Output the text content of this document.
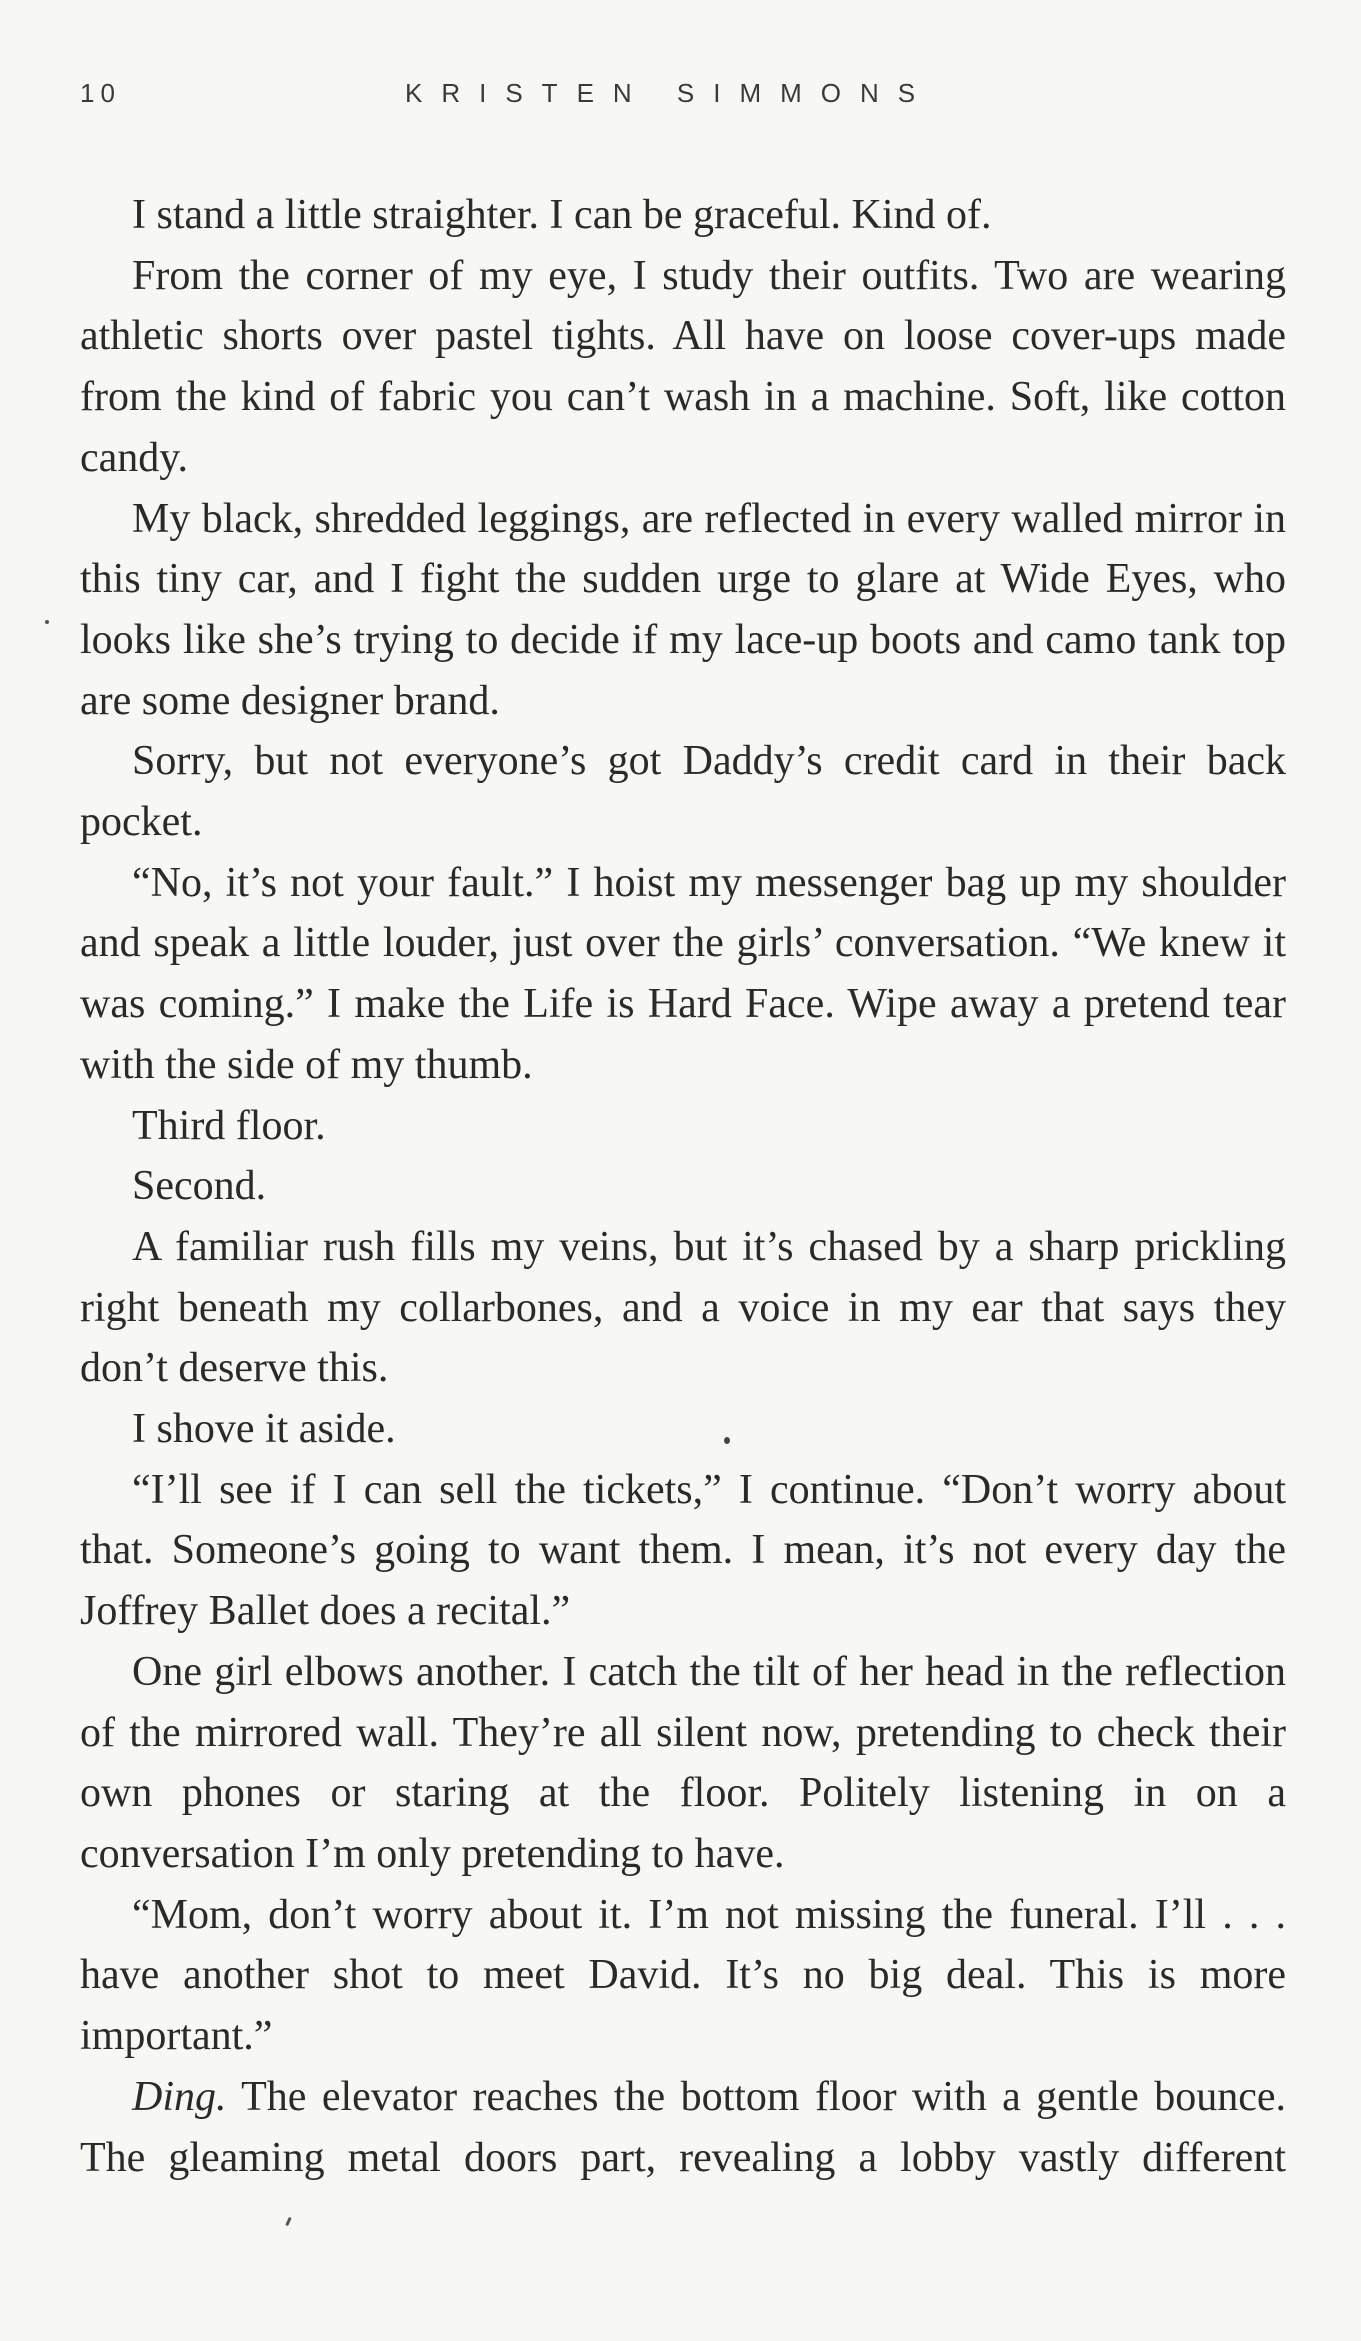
10	KRISTEN SIMMONS

I stand a little straighter. I can be graceful. Kind of.

From the corner of my eye, I study their outfits. Two are wearing athletic shorts over pastel tights. All have on loose cover-ups made from the kind of fabric you can’t wash in a machine. Soft, like cotton candy.

My black, shredded leggings, are reflected in every walled mirror in this tiny car, and I fight the sudden urge to glare at Wide Eyes, who looks like she’s trying to decide if my lace-up boots and camo tank top are some designer brand.

Sorry, but not everyone’s got Daddy’s credit card in their back pocket.

“No, it’s not your fault.” I hoist my messenger bag up my shoulder and speak a little louder, just over the girls’ conversation. “We knew it was coming.” I make the Life is Hard Face. Wipe away a pretend tear with the side of my thumb.

Third floor.

Second.

A familiar rush fills my veins, but it’s chased by a sharp prickling right beneath my collarbones, and a voice in my ear that says they don’t deserve this.

I shove it aside.

“I’ll see if I can sell the tickets,” I continue. “Don’t worry about that. Someone’s going to want them. I mean, it’s not every day the Joffrey Ballet does a recital.”

One girl elbows another. I catch the tilt of her head in the reflection of the mirrored wall. They’re all silent now, pretending to check their own phones or staring at the floor. Politely listening in on a conversation I’m only pretending to have.

“Mom, don’t worry about it. I’m not missing the funeral. I’ll . . . have another shot to meet David. It’s no big deal. This is more important.”

Ding. The elevator reaches the bottom floor with a gentle bounce. The gleaming metal doors part, revealing a lobby vastly different
